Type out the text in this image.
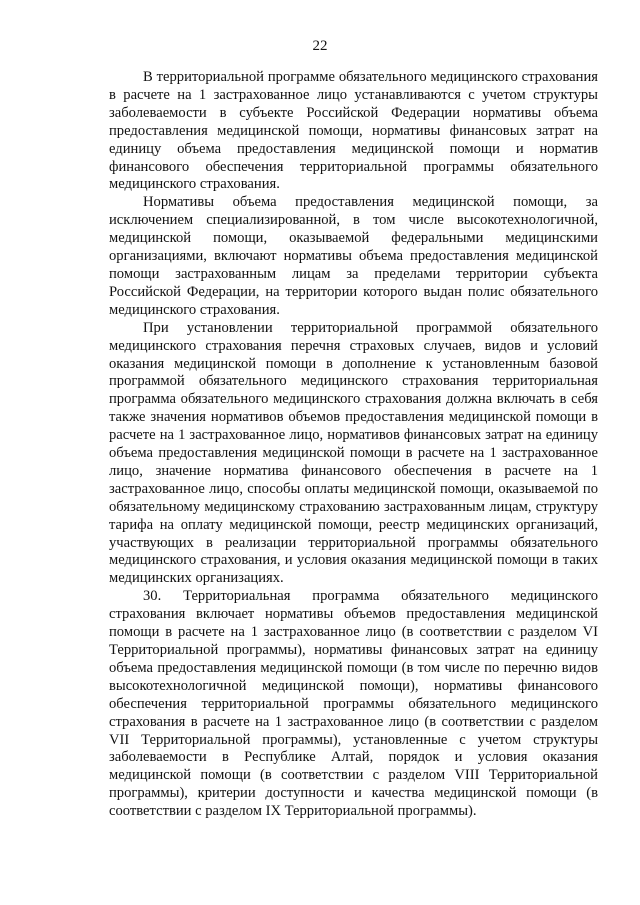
22

В территориальной программе обязательного медицинского страхования в расчете на 1 застрахованное лицо устанавливаются с учетом структуры заболеваемости в субъекте Российской Федерации нормативы объема предоставления медицинской помощи, нормативы финансовых затрат на единицу объема предоставления медицинской помощи и норматив финансового обеспечения территориальной программы обязательного медицинского страхования.

Нормативы объема предоставления медицинской помощи, за исключением специализированной, в том числе высокотехнологичной, медицинской помощи, оказываемой федеральными медицинскими организациями, включают нормативы объема предоставления медицинской помощи застрахованным лицам за пределами территории субъекта Российской Федерации, на территории которого выдан полис обязательного медицинского страхования.

При установлении территориальной программой обязательного медицинского страхования перечня страховых случаев, видов и условий оказания медицинской помощи в дополнение к установленным базовой программой обязательного медицинского страхования территориальная программа обязательного медицинского страхования должна включать в себя также значения нормативов объемов предоставления медицинской помощи в расчете на 1 застрахованное лицо, нормативов финансовых затрат на единицу объема предоставления медицинской помощи в расчете на 1 застрахованное лицо, значение норматива финансового обеспечения в расчете на 1 застрахованное лицо, способы оплаты медицинской помощи, оказываемой по обязательному медицинскому страхованию застрахованным лицам, структуру тарифа на оплату медицинской помощи, реестр медицинских организаций, участвующих в реализации территориальной программы обязательного медицинского страхования, и условия оказания медицинской помощи в таких медицинских организациях.

30. Территориальная программа обязательного медицинского страхования включает нормативы объемов предоставления медицинской помощи в расчете на 1 застрахованное лицо (в соответствии с разделом VI Территориальной программы), нормативы финансовых затрат на единицу объема предоставления медицинской помощи (в том числе по перечню видов высокотехнологичной медицинской помощи), нормативы финансового обеспечения территориальной программы обязательного медицинского страхования в расчете на 1 застрахованное лицо (в соответствии с разделом VII Территориальной программы), установленные с учетом структуры заболеваемости в Республике Алтай, порядок и условия оказания медицинской помощи (в соответствии с разделом VIII Территориальной программы), критерии доступности и качества медицинской помощи (в соответствии с разделом IX Территориальной программы).
